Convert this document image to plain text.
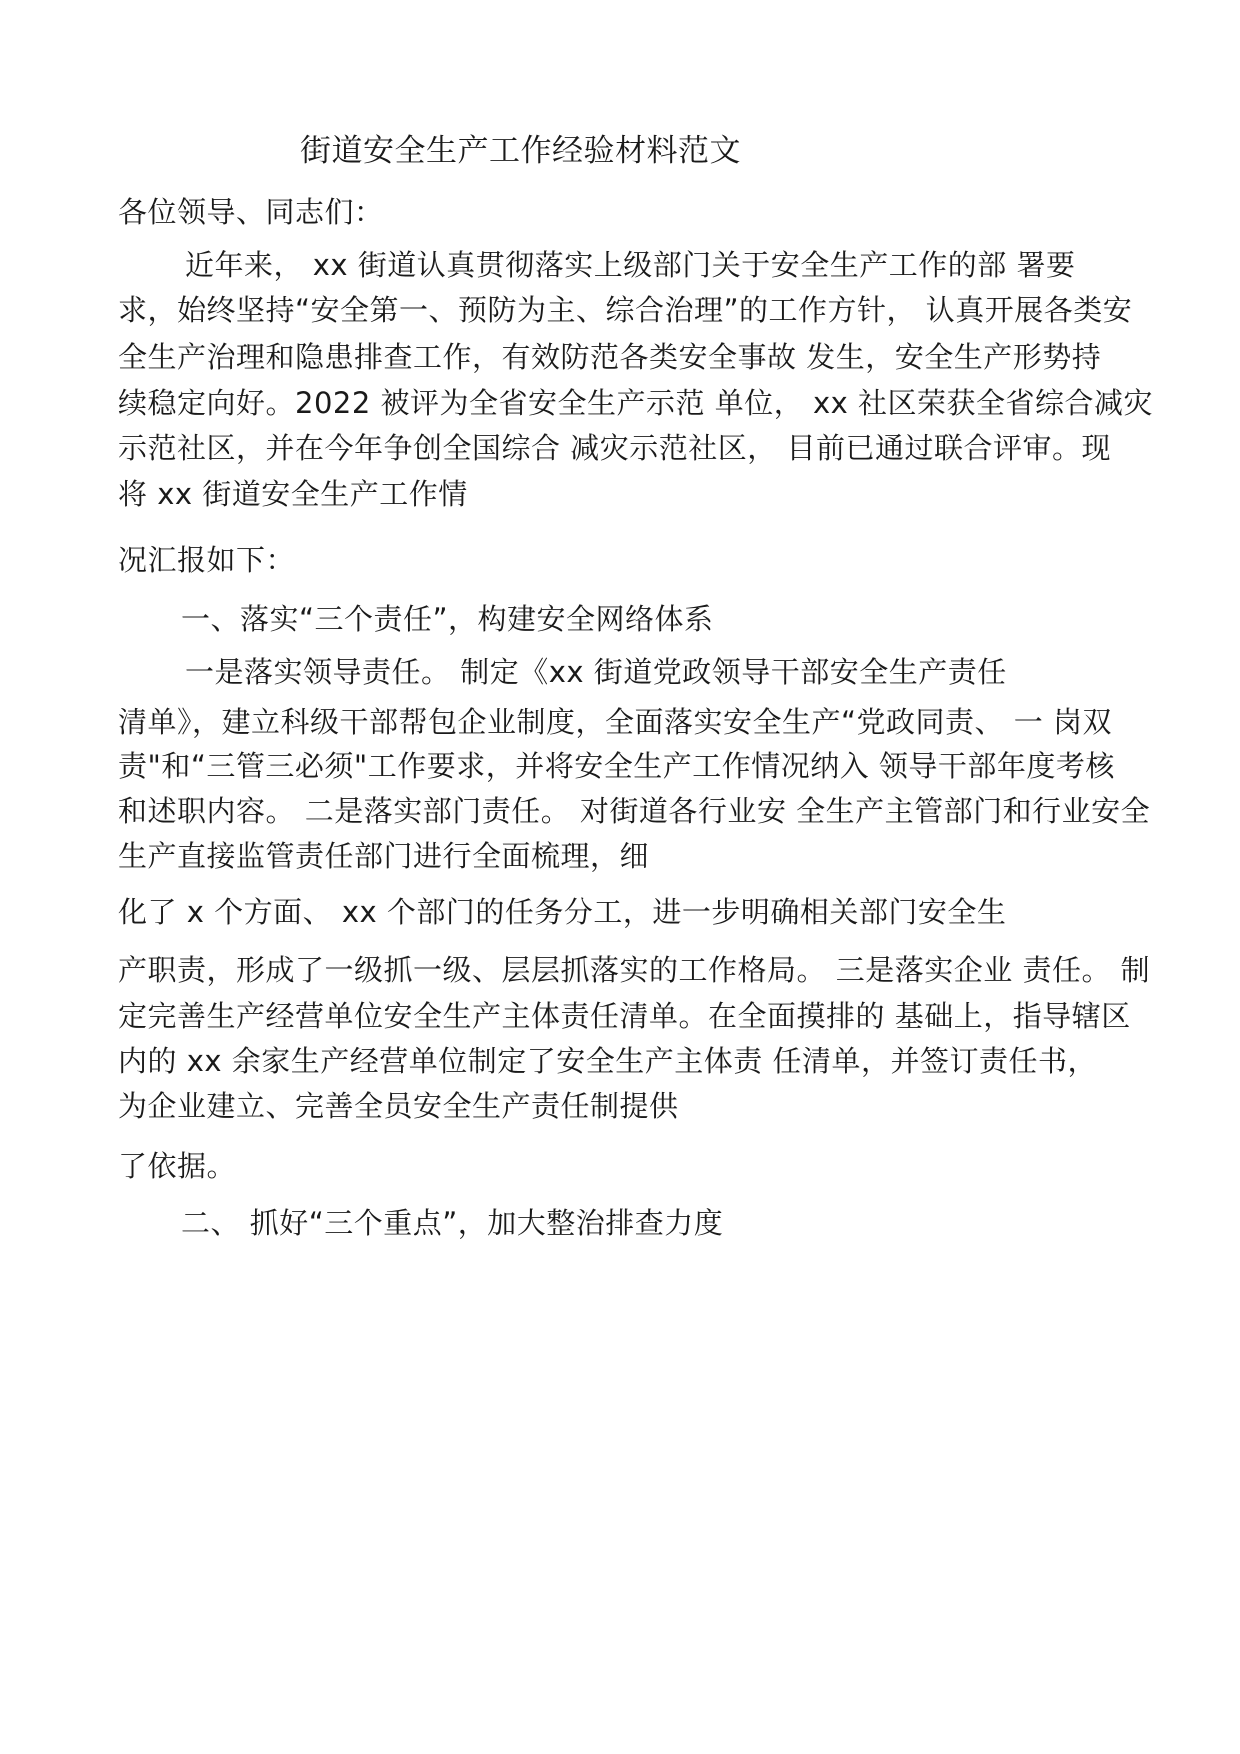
街道安全生产工作经验材料范文
各位领导、同志们：
近年来， xx 街道认真贯彻落实上级部门关于安全生产工作的部 署要
求，始终坚持“安全第一、预防为主、综合治理”的工作方针， 认真开展各类安
全生产治理和隐患排查工作，有效防范各类安全事故 发生，安全生产形势持
续稳定向好。2022 被评为全省安全生产示范 单位， xx 社区荣获全省综合减灾
示范社区，并在今年争创全国综合 减灾示范社区， 目前已通过联合评审。现
将 xx 街道安全生产工作情
况汇报如下：
一、落实“三个责任”，构建安全网络体系
一是落实领导责任。 制定《xx 街道党政领导干部安全生产责任
清单》，建立科级干部帮包企业制度，全面落实安全生产“党政同责、 一 岗双
责"和“三管三必须"工作要求，并将安全生产工作情况纳入 领导干部年度考核
和述职内容。 二是落实部门责任。 对街道各行业安 全生产主管部门和行业安全
生产直接监管责任部门进行全面梳理，细
化了 x 个方面、 xx 个部门的任务分工，进一步明确相关部门安全生
产职责，形成了一级抓一级、层层抓落实的工作格局。 三是落实企业 责任。 制
定完善生产经营单位安全生产主体责任清单。在全面摸排的 基础上，指导辖区
内的 xx 余家生产经营单位制定了安全生产主体责 任清单，并签订责任书，
为企业建立、完善全员安全生产责任制提供
了依据。
二、 抓好“三个重点”，加大整治排查力度
